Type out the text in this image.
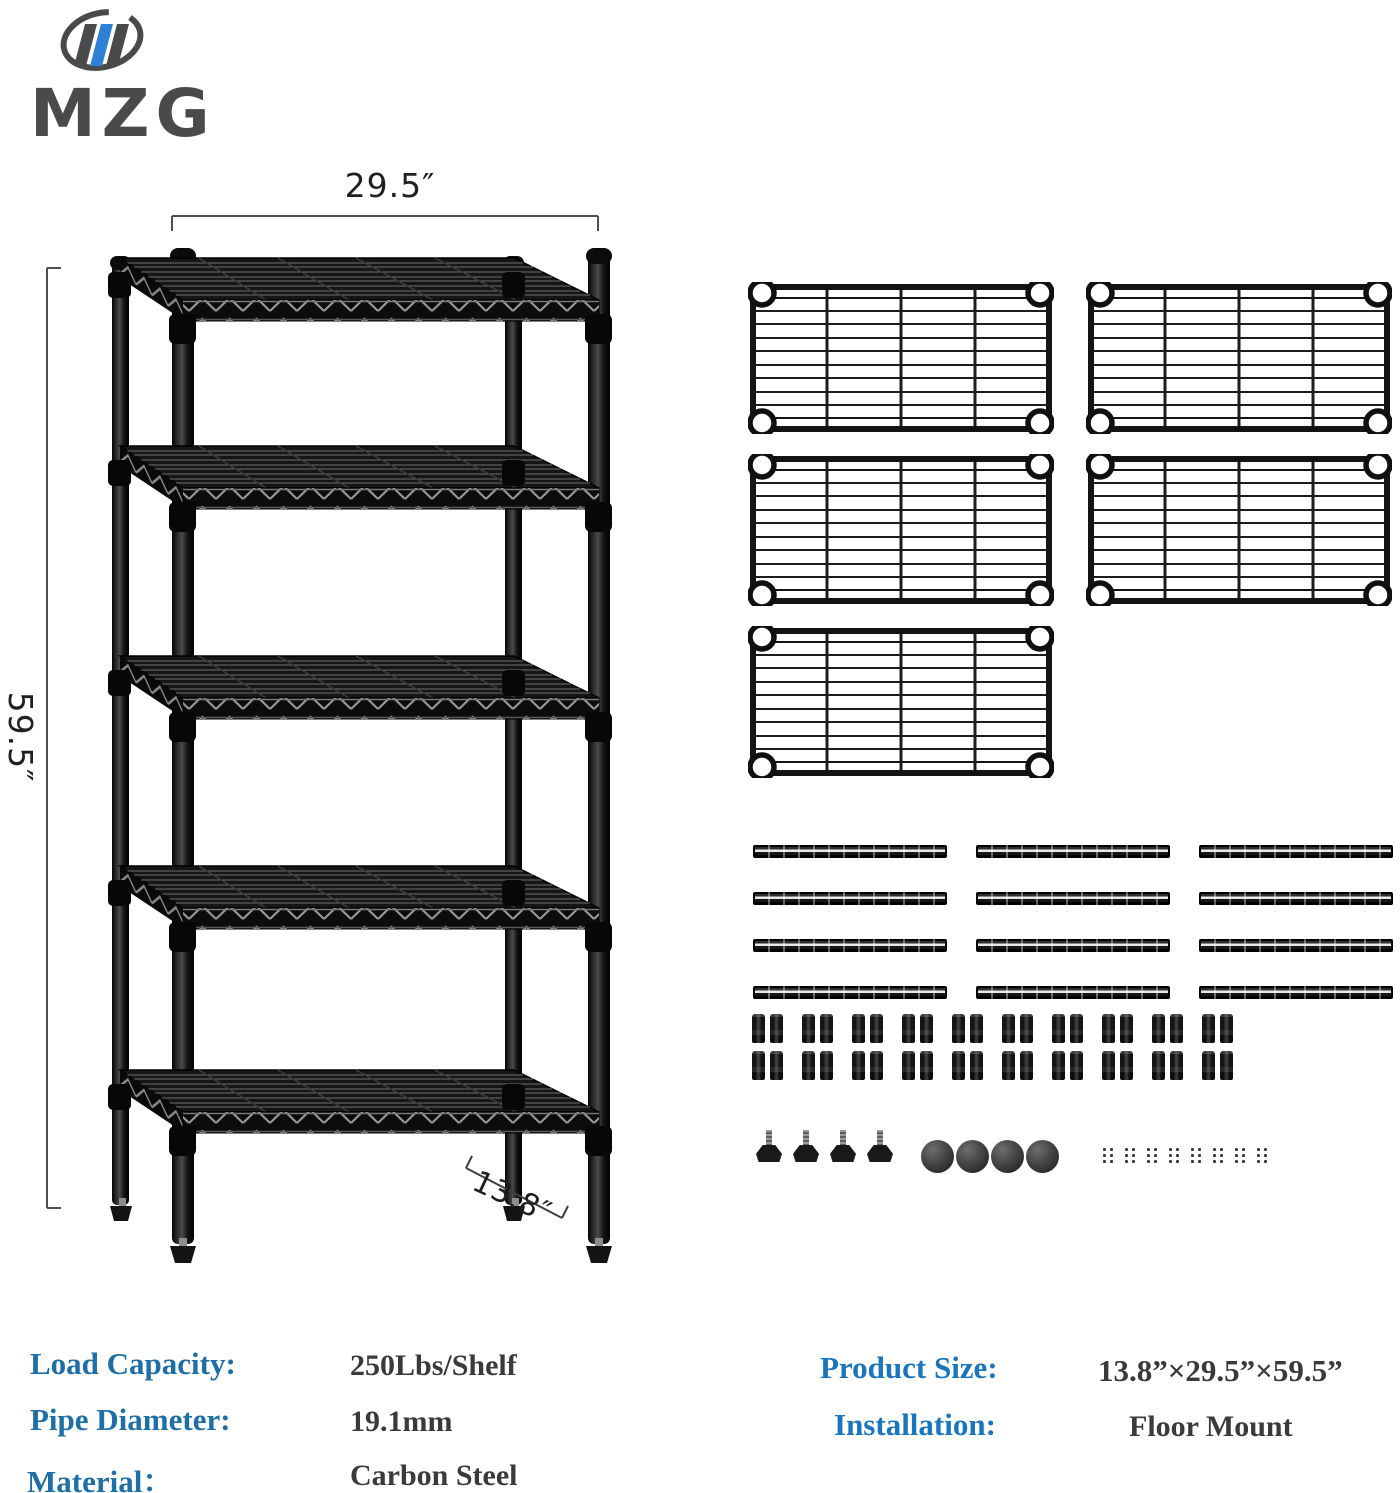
MZG
29.5″
59.5″
13.8″
Load Capacity:	250Lbs/Shelf
Pipe Diameter:	19.1mm
Material：	Carbon Steel
Product Size:	13.8”×29.5”×59.5”
Installation:	Floor Mount
